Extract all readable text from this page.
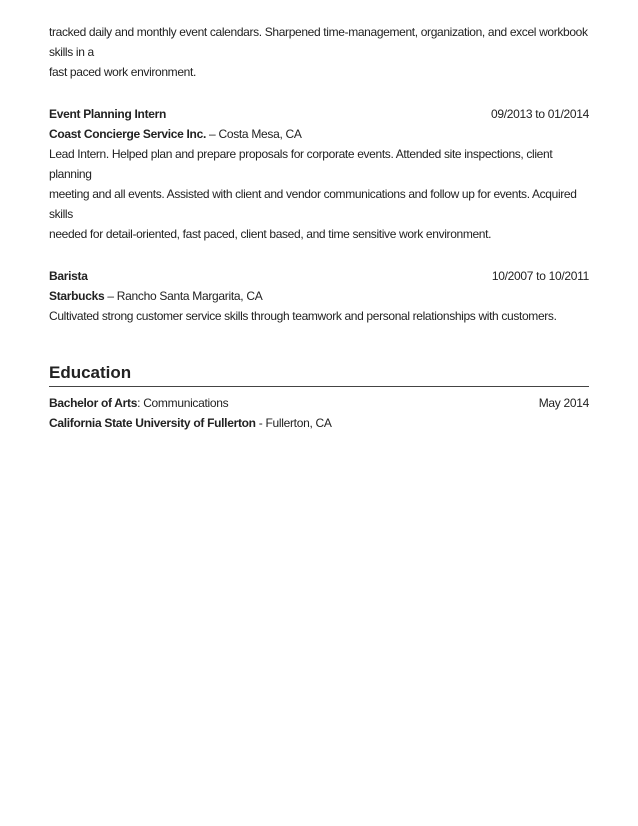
tracked daily and monthly event calendars. Sharpened time-management, organization, and excel workbook skills in a

fast paced work environment.

Event Planning Intern	09/2013 to 01/2014
Coast Concierge Service Inc. – Costa Mesa, CA

Lead Intern. Helped plan and prepare proposals for corporate events. Attended site inspections, client planning

meeting and all events. Assisted with client and vendor communications and follow up for events. Acquired skills

needed for detail-oriented, fast paced, client based, and time sensitive work environment.

Barista	10/2007 to 10/2011
Starbucks – Rancho Santa Margarita, CA

Cultivated strong customer service skills through teamwork and personal relationships with customers.

Education
Bachelor of Arts: Communications	May 2014
California State University of Fullerton - Fullerton, CA
